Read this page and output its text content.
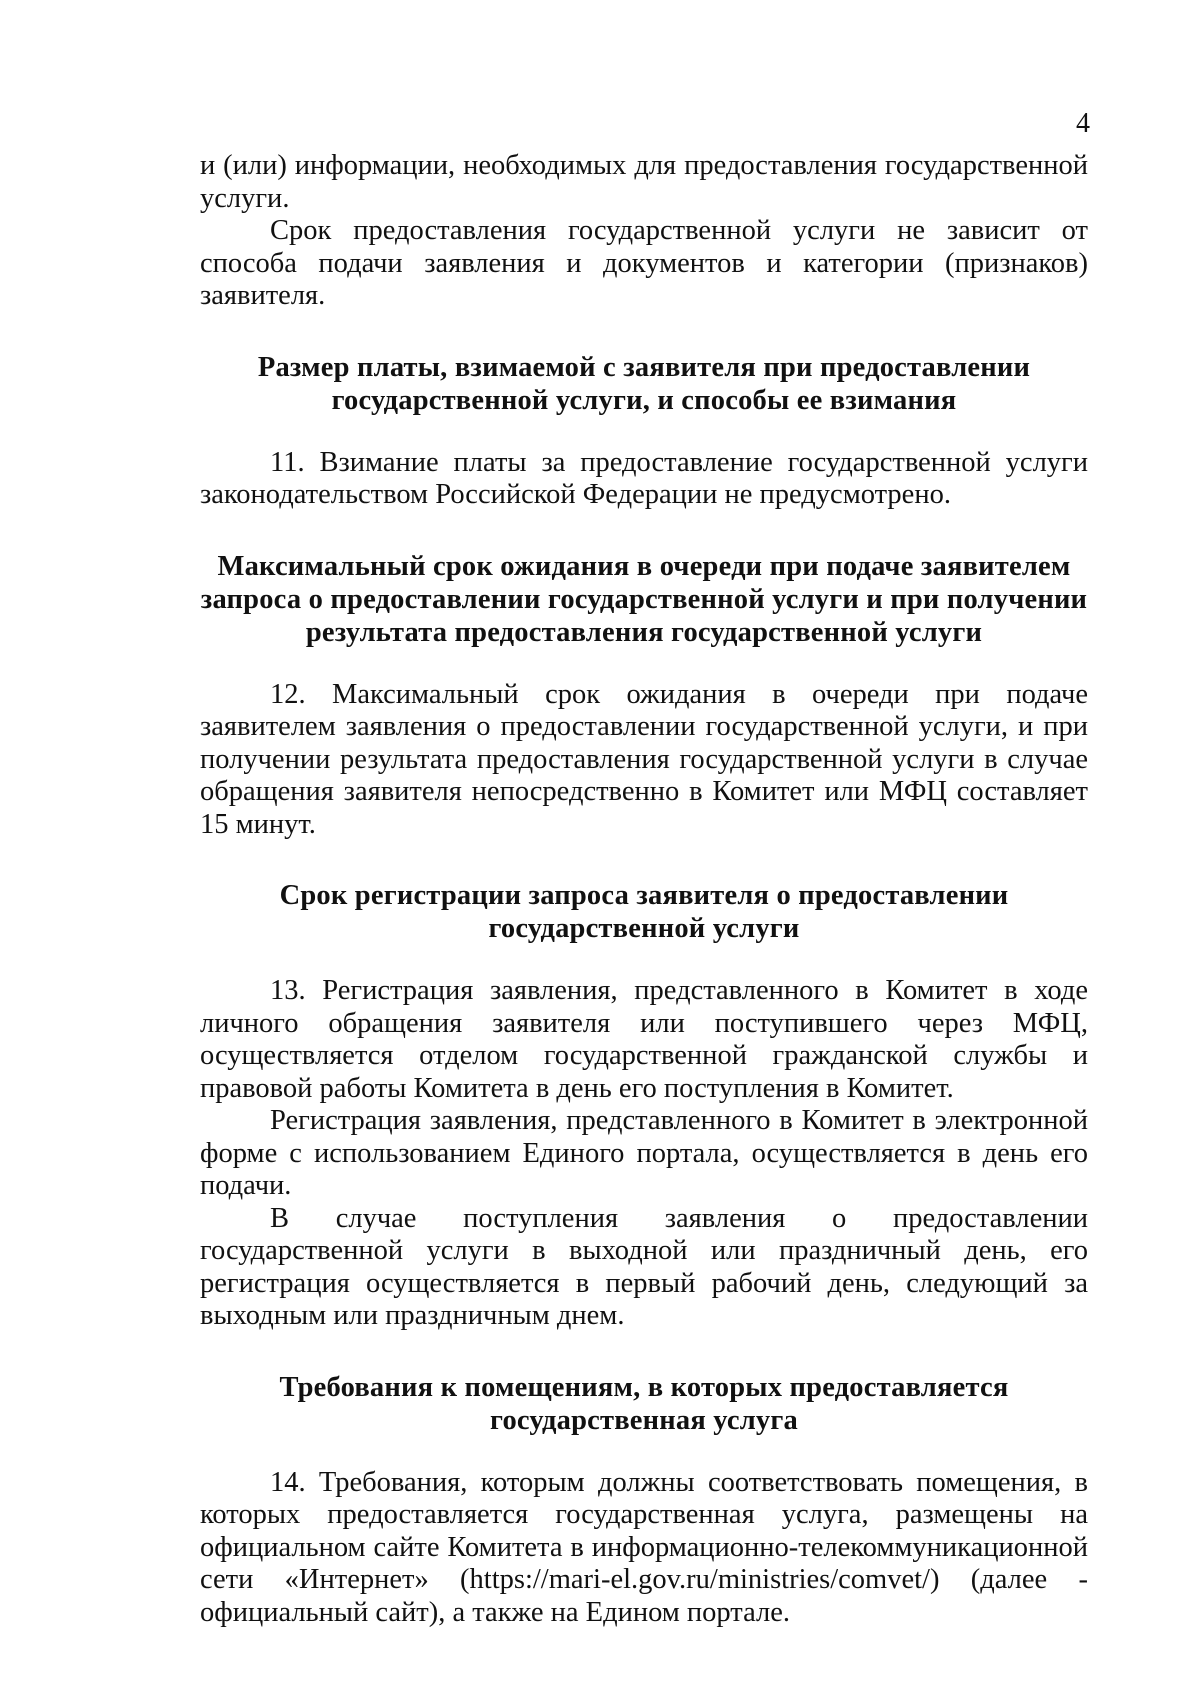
4

и (или) информации, необходимых для предоставления государственной услуги.

Срок предоставления государственной услуги не зависит от способа подачи заявления и документов и категории (признаков) заявителя.

Размер платы, взимаемой с заявителя при предоставлении
государственной услуги, и способы ее взимания

11. Взимание платы за предоставление государственной услуги законодательством Российской Федерации не предусмотрено.

Максимальный срок ожидания в очереди при подаче заявителем
запроса о предоставлении государственной услуги и при получении
результата предоставления государственной услуги

12. Максимальный срок ожидания в очереди при подаче заявителем заявления о предоставлении государственной услуги, и при получении результата предоставления государственной услуги в случае обращения заявителя непосредственно в Комитет или МФЦ составляет 15 минут.

Срок регистрации запроса заявителя о предоставлении
государственной услуги

13. Регистрация заявления, представленного в Комитет в ходе личного обращения заявителя или поступившего через МФЦ, осуществляется отделом государственной гражданской службы и правовой работы Комитета в день его поступления в Комитет.

Регистрация заявления, представленного в Комитет в электронной форме с использованием Единого портала, осуществляется в день его подачи.

В случае поступления заявления о предоставлении государственной услуги в выходной или праздничный день, его регистрация осуществляется в первый рабочий день, следующий за выходным или праздничным днем.

Требования к помещениям, в которых предоставляется
государственная услуга

14. Требования, которым должны соответствовать помещения, в которых предоставляется государственная услуга, размещены на официальном сайте Комитета в информационно-телекоммуникационной сети «Интернет» (https://mari-el.gov.ru/ministries/comvet/) (далее - официальный сайт), а также на Едином портале.
